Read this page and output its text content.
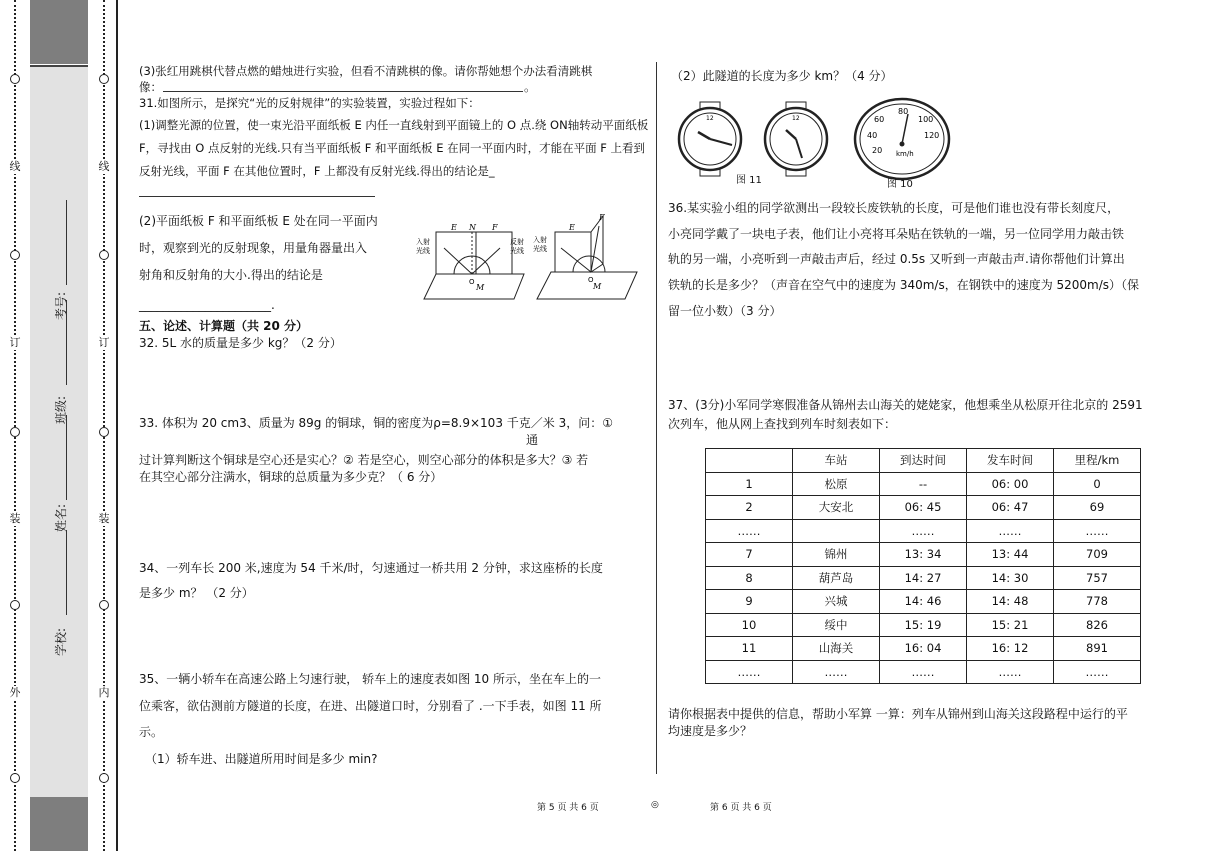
线
订
装
外
学校:
姓名:
班级:
考号:
线
订
装
内
(3)张红用跳棋代替点燃的蜡烛进行实验，但看不清跳棋的像。请你帮她想个办法看清跳棋
像：	。
31.如图所示，是探究“光的反射规律”的实验装置，实验过程如下：
(1)调整光源的位置，使一束光沿平面纸板 E 内任一直线射到平面镜上的 O 点.绕 ON轴转动平面纸板
F，寻找由 O 点反射的光线.只有当平面纸板 F 和平面纸板 E 在同一平面内时，才能在平面 F 上看到
反射光线，平面 F 在其他位置时，F 上都没有反射光线.得出的结论是_
(2)平面纸板 F 和平面纸板 E 处在同一平面内
时，观察到光的反射现象，用量角器量出入
射角和反射角的大小.得出的结论是
______________________.
入射
光线
反射
光线
E N F
O
M
入射
光线
E
F
O
M
五、论述、计算题（共 20 分）
32. 5L 水的质量是多少 kg？（2 分）
33. 体积为 20 cm3、质量为 89g 的铜球，铜的密度为ρ=8.9×103 千克／米 3，问：①
通
过计算判断这个铜球是空心还是实心？② 若是空心，则空心部分的体积是多大？③ 若
在其空心部分注满水，铜球的总质量为多少克？（ 6 分）
34、一列车长 200 米,速度为 54 千米/时，匀速通过一桥共用 2 分钟，求这座桥的长度
是多少 m？ （2 分）
35、一辆小轿车在高速公路上匀速行驶， 轿车上的速度表如图 10 所示，坐在车上的一
位乘客，欲估测前方隧道的长度，在进、出隧道口时，分别看了 .一下手表，如图 11 所
示。
（1）轿车进、出隧道所用时间是多少 min?
（2）此隧道的长度为多少 km？（4 分）
12	12
图 11
20
40
60
80
100
120
km/h
图 10
36.某实验小组的同学欲测出一段较长废铁轨的长度，可是他们谁也没有带长刻度尺，
小亮同学戴了一块电子表，他们让小亮将耳朵贴在铁轨的一端，另一位同学用力敲击铁
轨的另一端，小亮听到一声敲击声后，经过 0.5s 又听到一声敲击声.请你帮他们计算出
铁轨的长是多少？（声音在空气中的速度为 340m/s，在钢铁中的速度为 5200m/s）（保
留一位小数）（3 分）
37、(3分)小军同学寒假准备从锦州去山海关的姥姥家，他想乘坐从松原开往北京的 2591
次列车，他从网上查找到列车时刻表如下：
	车站	到达时间	发车时间	里程/km
1	松原	--	06: 00	0
2	大安北	06: 45	06: 47	69
……		……	……	……
7	锦州	13: 34	13: 44	709
8	葫芦岛	14: 27	14: 30	757
9	兴城	14: 46	14: 48	778
10	绥中	15: 19	15: 21	826
11	山海关	16: 04	16: 12	891
……	……	……	……	……
请你根据表中提供的信息，帮助小军算 一算：列车从锦州到山海关这段路程中运行的平
均速度是多少？
第 5 页 共 6 页	◎	第 6 页 共 6 页
